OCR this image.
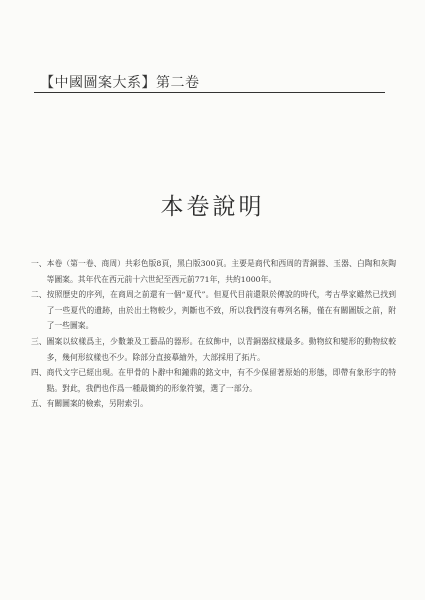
【中國圖案大系】第二卷
本卷說明
一、 本卷（第一卷、商周）共彩色版8頁，黑白版300頁。主要是商代和西周的青銅器、玉器、白陶和灰陶等圖案。其年代在西元前十六世紀至西元前771年，共約1000年。
二、 按照歷史的序列，在商周之前還有一個“夏代”。但夏代目前還限於傳說的時代，考古學家雖然已找到了一些夏代的遺跡，由於出土物較少，判斷也不致，所以我們沒有專列名稱，僅在有關圖版之前，附了一些圖案。
三、 圖案以紋樣爲主，少數兼及工藝品的器形。在紋飾中，以青銅器紋樣最多。動物紋和變形的動物紋較多，幾何形紋樣也不少。除部分直接摹繪外，大部採用了拓片。
四、 商代文字已經出現。在甲骨的卜辭中和鐘鼎的銘文中，有不少保留著原始的形態，即帶有象形字的特點。對此，我們也作爲一種最簡約的形象符號，選了一部分。
五、 有關圖案的檢索，另附索引。
